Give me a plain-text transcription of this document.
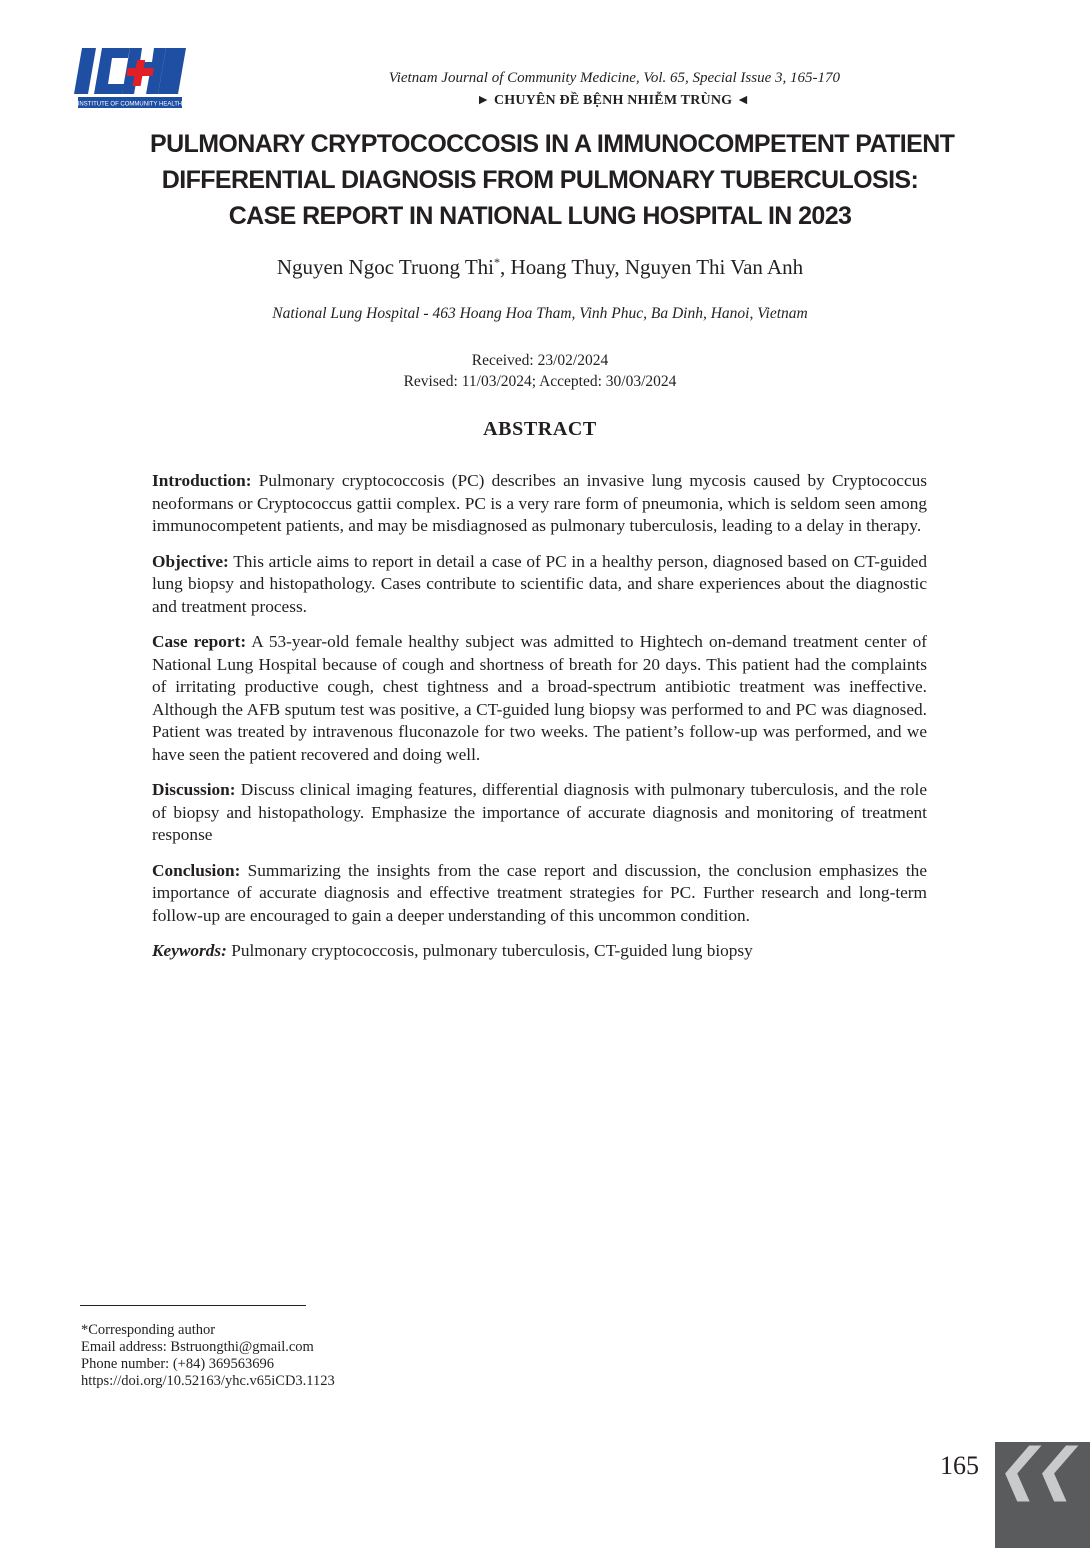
INSTITUTE OF COMMUNITY HEALTH
Vietnam Journal of Community Medicine, Vol. 65, Special Issue 3, 165-170
► CHUYÊN ĐỀ BỆNH NHIỄM TRÙNG ◄
PULMONARY CRYPTOCOCCOSIS IN A IMMUNOCOMPETENT PATIENT
DIFFERENTIAL DIAGNOSIS FROM PULMONARY TUBERCULOSIS:
CASE REPORT IN NATIONAL LUNG HOSPITAL IN 2023
Nguyen Ngoc Truong Thi*, Hoang Thuy, Nguyen Thi Van Anh
National Lung Hospital - 463 Hoang Hoa Tham, Vinh Phuc, Ba Dinh, Hanoi, Vietnam
Received: 23/02/2024
Revised: 11/03/2024; Accepted: 30/03/2024
ABSTRACT

Introduction: Pulmonary cryptococcosis (PC) describes an invasive lung mycosis caused by Cryptococcus neoformans or Cryptococcus gattii complex. PC is a very rare form of pneumonia, which is seldom seen among immunocompetent patients, and may be misdiagnosed as pulmonary tuberculosis, leading to a delay in therapy.

Objective: This article aims to report in detail a case of PC in a healthy person, diagnosed based on CT-guided lung biopsy and histopathology. Cases contribute to scientific data, and share experiences about the diagnostic and treatment process.

Case report: A 53-year-old female healthy subject was admitted to Hightech on-demand treatment center of National Lung Hospital because of cough and shortness of breath for 20 days. This patient had the complaints of irritating productive cough, chest tightness and a broad-spectrum antibiotic treatment was ineffective. Although the AFB sputum test was positive, a CT-guided lung biopsy was performed to and PC was diagnosed. Patient was treated by intravenous fluconazole for two weeks. The patient’s follow-up was performed, and we have seen the patient recovered and doing well.

Discussion: Discuss clinical imaging features, differential diagnosis with pulmonary tuberculosis, and the role of biopsy and histopathology. Emphasize the importance of accurate diagnosis and monitoring of treatment response

Conclusion: Summarizing the insights from the case report and discussion, the conclusion emphasizes the importance of accurate diagnosis and effective treatment strategies for PC. Further research and long-term follow-up are encouraged to gain a deeper understanding of this uncommon condition.

Keywords: Pulmonary cryptococcosis, pulmonary tuberculosis, CT-guided lung biopsy

*Corresponding author
Email address: Bstruongthi@gmail.com
Phone number: (+84) 369563696
https://doi.org/10.52163/yhc.v65iCD3.1123
165 ❮❮
